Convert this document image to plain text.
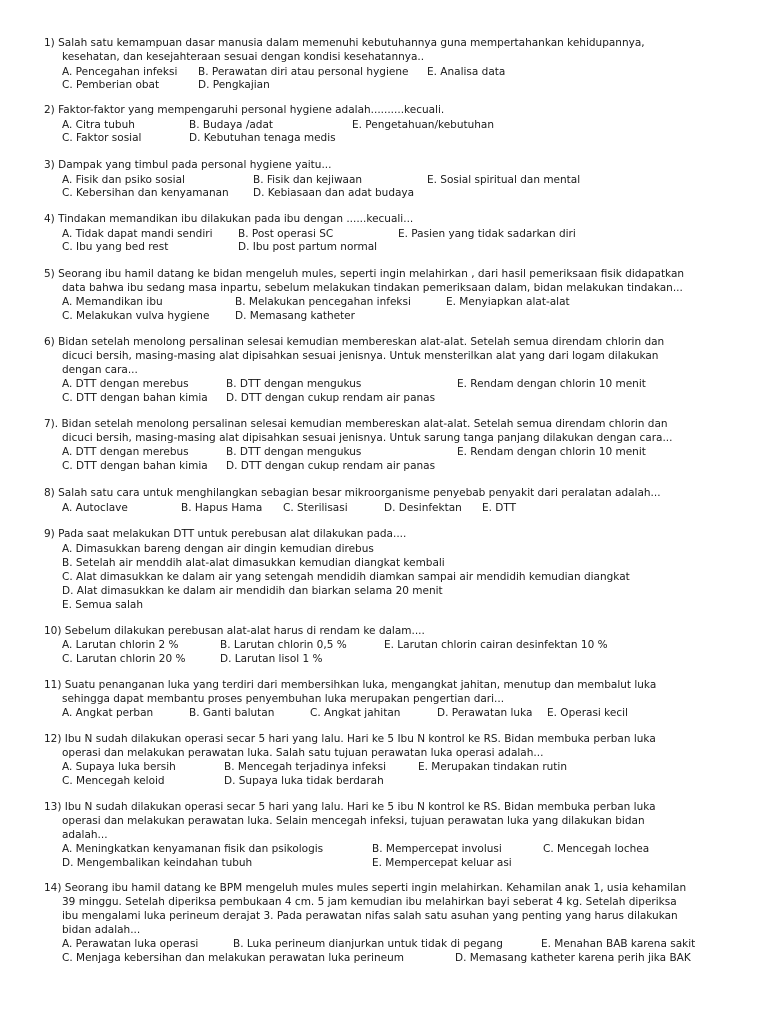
1) Salah satu kemampuan dasar manusia dalam memenuhi kebutuhannya guna mempertahankan kehidupannya,
kesehatan, dan kesejahteraan sesuai dengan kondisi kesehatannya..
A. Pencegahan infeksi B. Perawatan diri atau personal hygiene E. Analisa data
C. Pemberian obat	D. Pengkajian
2) Faktor-faktor yang mempengaruhi personal hygiene adalah..........kecuali.
A. Citra tubuh	B. Budaya /adat	E. Pengetahuan/kebutuhan
C. Faktor sosial	D. Kebutuhan tenaga medis
3) Dampak yang timbul pada personal hygiene yaitu...
A. Fisik dan psiko sosial	B. Fisik dan kejiwaan	E. Sosial spiritual dan mental
C. Kebersihan dan kenyamanan D. Kebiasaan dan adat budaya
4) Tindakan memandikan ibu dilakukan pada ibu dengan ......kecuali...
A. Tidak dapat mandi sendiri B. Post operasi SC	E. Pasien yang tidak sadarkan diri
C. Ibu yang bed rest	D. Ibu post partum normal
5) Seorang ibu hamil datang ke bidan mengeluh mules, seperti ingin melahirkan , dari hasil pemeriksaan fisik didapatkan
data bahwa ibu sedang masa inpartu, sebelum melakukan tindakan pemeriksaan dalam, bidan melakukan tindakan...
A. Memandikan ibu	B. Melakukan pencegahan infeksi	E. Menyiapkan alat-alat
C. Melakukan vulva hygiene D. Memasang katheter
6) Bidan setelah menolong persalinan selesai kemudian membereskan alat-alat. Setelah semua direndam chlorin dan
dicuci bersih, masing-masing alat dipisahkan sesuai jenisnya. Untuk mensterilkan alat yang dari logam dilakukan
dengan cara...
A. DTT dengan merebus	B. DTT dengan mengukus	E. Rendam dengan chlorin 10 menit
C. DTT dengan bahan kimia D. DTT dengan cukup rendam air panas
7). Bidan setelah menolong persalinan selesai kemudian membereskan alat-alat. Setelah semua direndam chlorin dan
dicuci bersih, masing-masing alat dipisahkan sesuai jenisnya. Untuk sarung tanga panjang dilakukan dengan cara...
A. DTT dengan merebus	B. DTT dengan mengukus	E. Rendam dengan chlorin 10 menit
C. DTT dengan bahan kimia D. DTT dengan cukup rendam air panas
8) Salah satu cara untuk menghilangkan sebagian besar mikroorganisme penyebab penyakit dari peralatan adalah...
A. Autoclave	B. Hapus Hama C. Sterilisasi	D. Desinfektan E. DTT
9) Pada saat melakukan DTT untuk perebusan alat dilakukan pada....
A. Dimasukkan bareng dengan air dingin kemudian direbus
B. Setelah air menddih alat-alat dimasukkan kemudian diangkat kembali
C. Alat dimasukkan ke dalam air yang setengah mendidih diamkan sampai air mendidih kemudian diangkat
D. Alat dimasukkan ke dalam air mendidih dan biarkan selama 20 menit
E. Semua salah
10) Sebelum dilakukan perebusan alat-alat harus di rendam ke dalam....
A. Larutan chlorin 2 %	B. Larutan chlorin 0,5 %	E. Larutan chlorin cairan desinfektan 10 %
C. Larutan chlorin 20 %	D. Larutan lisol 1 %
11) Suatu penanganan luka yang terdiri dari membersihkan luka, mengangkat jahitan, menutup dan membalut luka
sehingga dapat membantu proses penyembuhan luka merupakan pengertian dari...
A. Angkat perban	B. Ganti balutan	C. Angkat jahitan	D. Perawatan luka E. Operasi kecil
12) Ibu N sudah dilakukan operasi secar 5 hari yang lalu. Hari ke 5 Ibu N kontrol ke RS. Bidan membuka perban luka
operasi dan melakukan perawatan luka. Salah satu tujuan perawatan luka operasi adalah...
A. Supaya luka bersih	B. Mencegah terjadinya infeksi	E. Merupakan tindakan rutin
C. Mencegah keloid	D. Supaya luka tidak berdarah
13) Ibu N sudah dilakukan operasi secar 5 hari yang lalu. Hari ke 5 ibu N kontrol ke RS. Bidan membuka perban luka
operasi dan melakukan perawatan luka. Selain mencegah infeksi, tujuan perawatan luka yang dilakukan bidan
adalah...
A. Meningkatkan kenyamanan fisik dan psikologis	B. Mempercepat involusi	C. Mencegah lochea
D. Mengembalikan keindahan tubuh	E. Mempercepat keluar asi
14) Seorang ibu hamil datang ke BPM mengeluh mules mules seperti ingin melahirkan. Kehamilan anak 1, usia kehamilan
39 minggu. Setelah diperiksa pembukaan 4 cm. 5 jam kemudian ibu melahirkan bayi seberat 4 kg. Setelah diperiksa
ibu mengalami luka perineum derajat 3. Pada perawatan nifas salah satu asuhan yang penting yang harus dilakukan
bidan adalah...
A. Perawatan luka operasi	B. Luka perineum dianjurkan untuk tidak di pegang	E. Menahan BAB karena sakit
C. Menjaga kebersihan dan melakukan perawatan luka perineum	D. Memasang katheter karena perih jika BAK
